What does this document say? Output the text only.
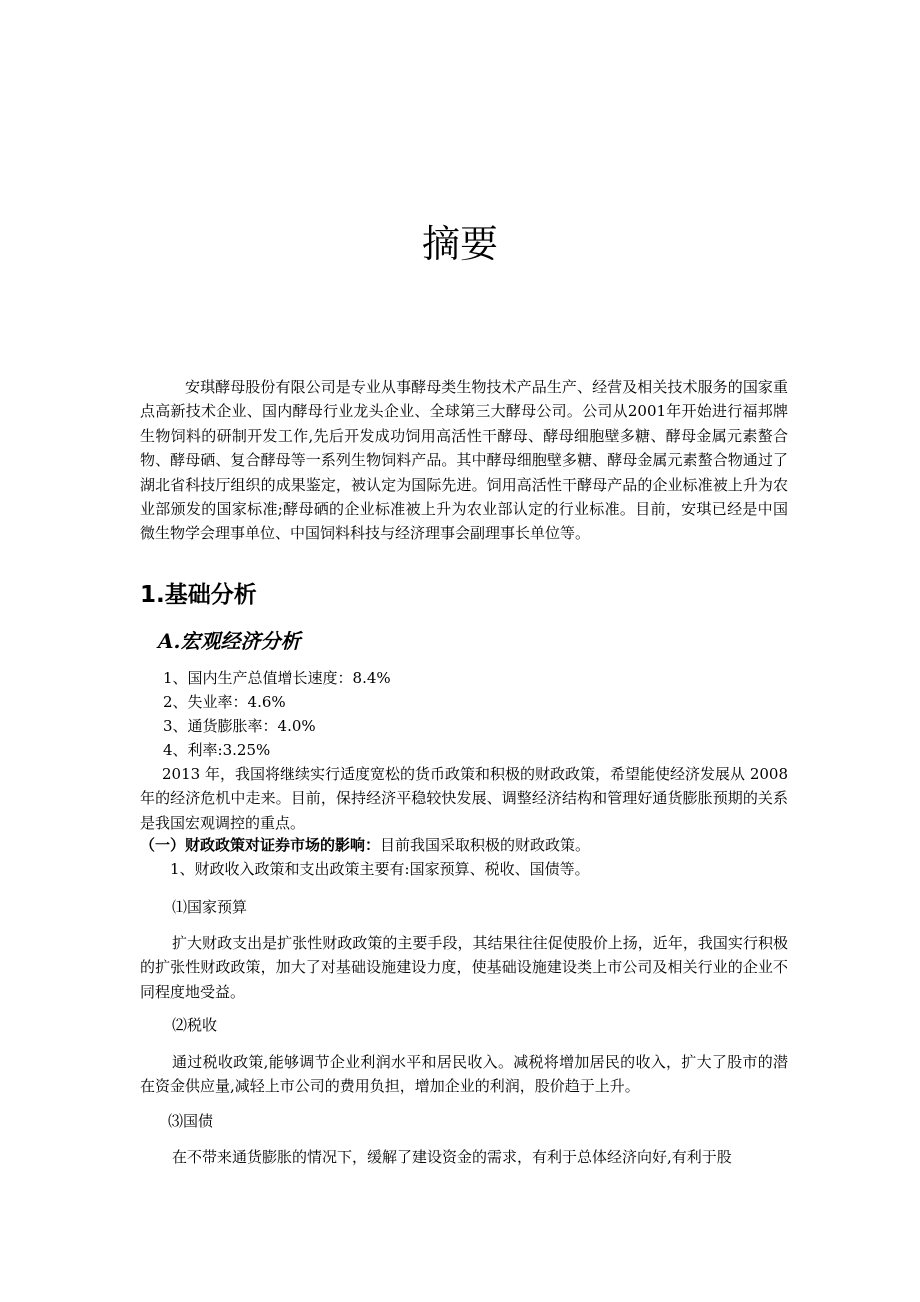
摘要

安琪酵母股份有限公司是专业从事酵母类生物技术产品生产、经营及相关技术服务的国家重点高新技术企业、国内酵母行业龙头企业、全球第三大酵母公司。公司从2001年开始进行福邦牌生物饲料的研制开发工作,先后开发成功饲用高活性干酵母、酵母细胞壁多糖、酵母金属元素螯合物、酵母硒、复合酵母等一系列生物饲料产品。其中酵母细胞壁多糖、酵母金属元素螯合物通过了湖北省科技厅组织的成果鉴定，被认定为国际先进。饲用高活性干酵母产品的企业标准被上升为农业部颁发的国家标准;酵母硒的企业标准被上升为农业部认定的行业标准。目前，安琪已经是中国微生物学会理事单位、中国饲料科技与经济理事会副理事长单位等。

1.基础分析
A.宏观经济分析

1、国内生产总值增长速度：8.4%

2、失业率：4.6%

3、通货膨胀率：4.0%

4、利率:3.25%

2013 年，我国将继续实行适度宽松的货币政策和积极的财政政策，希望能使经济发展从 2008 年的经济危机中走来。目前，保持经济平稳较快发展、调整经济结构和管理好通货膨胀预期的关系是我国宏观调控的重点。

（一）财政政策对证券市场的影响：目前我国采取积极的财政政策。

1、财政收入政策和支出政策主要有:国家预算、税收、国债等。

⑴国家预算

扩大财政支出是扩张性财政政策的主要手段，其结果往往促使股价上扬，近年，我国实行积极的扩张性财政政策，加大了对基础设施建设力度，使基础设施建设类上市公司及相关行业的企业不同程度地受益。

⑵税收

通过税收政策,能够调节企业利润水平和居民收入。减税将增加居民的收入，扩大了股市的潜在资金供应量,减轻上市公司的费用负担，增加企业的利润，股价趋于上升。

⑶国债

在不带来通货膨胀的情况下，缓解了建设资金的需求，有利于总体经济向好,有利于股
